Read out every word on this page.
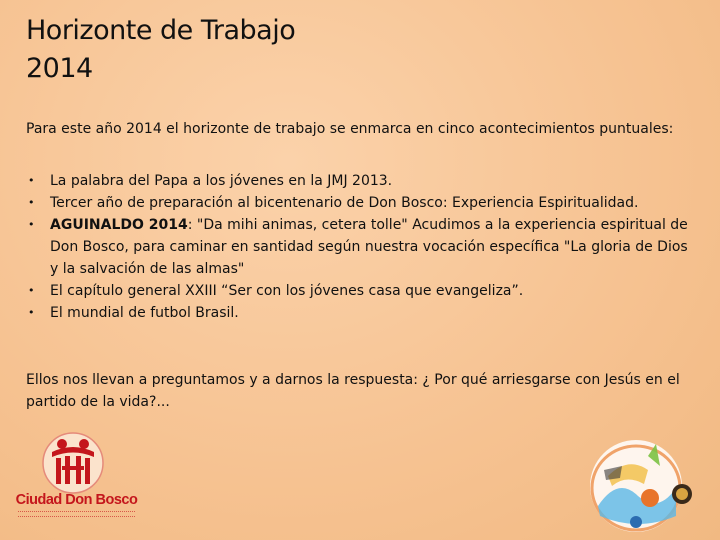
Horizonte de Trabajo
2014
Para este año 2014 el horizonte de trabajo se enmarca en cinco acontecimientos puntuales:
• La palabra del Papa a los jóvenes en la JMJ 2013.
• Tercer año de preparación al bicentenario de Don Bosco: Experiencia Espiritualidad.
• AGUINALDO 2014: "Da mihi animas, cetera tolle" Acudimos a la experiencia espiritual de Don Bosco, para caminar en santidad según nuestra vocación específica "La gloria de Dios y la salvación de las almas"
• El capítulo general XXIII “Ser con los jóvenes casa que evangeliza”.
• El mundial de futbol Brasil.
Ellos nos llevan a preguntamos y a darnos la respuesta: ¿ Por qué arriesgarse con Jesús en el partido de la vida?...
Ciudad Don Bosco
